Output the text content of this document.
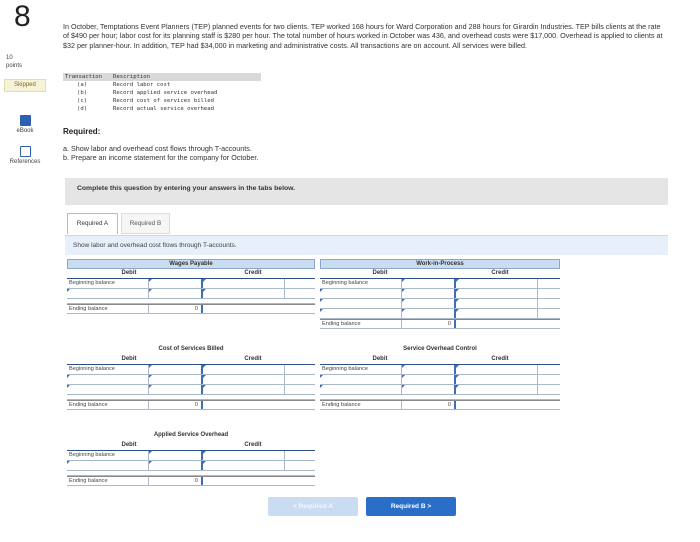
8
10
points
Skipped
eBook
References
In October, Temptations Event Planners (TEP) planned events for two clients. TEP worked 168 hours for Ward Corporation and 288 hours for Girardin Industries. TEP bills clients at the rate of $490 per hour; labor cost for its planning staff is $280 per hour. The total number of hours worked in October was 436, and overhead costs were $17,000. Overhead is applied to clients at $32 per planner-hour. In addition, TEP had $34,000 in marketing and administrative costs. All transactions are on account. All services were billed.
Transaction	Description
(a)	Record labor cost
(b)	Record applied service overhead
(c)	Record cost of services billed
(d)	Record actual service overhead
Required:
a. Show labor and overhead cost flows through T-accounts.
b. Prepare an income statement for the company for October.
Complete this question by entering your answers in the tabs below.
Required A	Required B
Show labor and overhead cost flows through T-accounts.
Wages Payable
Debit	Credit
Beginning balance
Ending balance	0
Work-in-Process
Debit	Credit
Beginning balance
Ending balance	0
Cost of Services Billed
Debit	Credit
Beginning balance
Ending balance	0
Service Overhead Control
Debit	Credit
Beginning balance
Ending balance	0
Applied Service Overhead
Debit	Credit
Beginning balance
Ending balance	0
< Required A	Required B >
